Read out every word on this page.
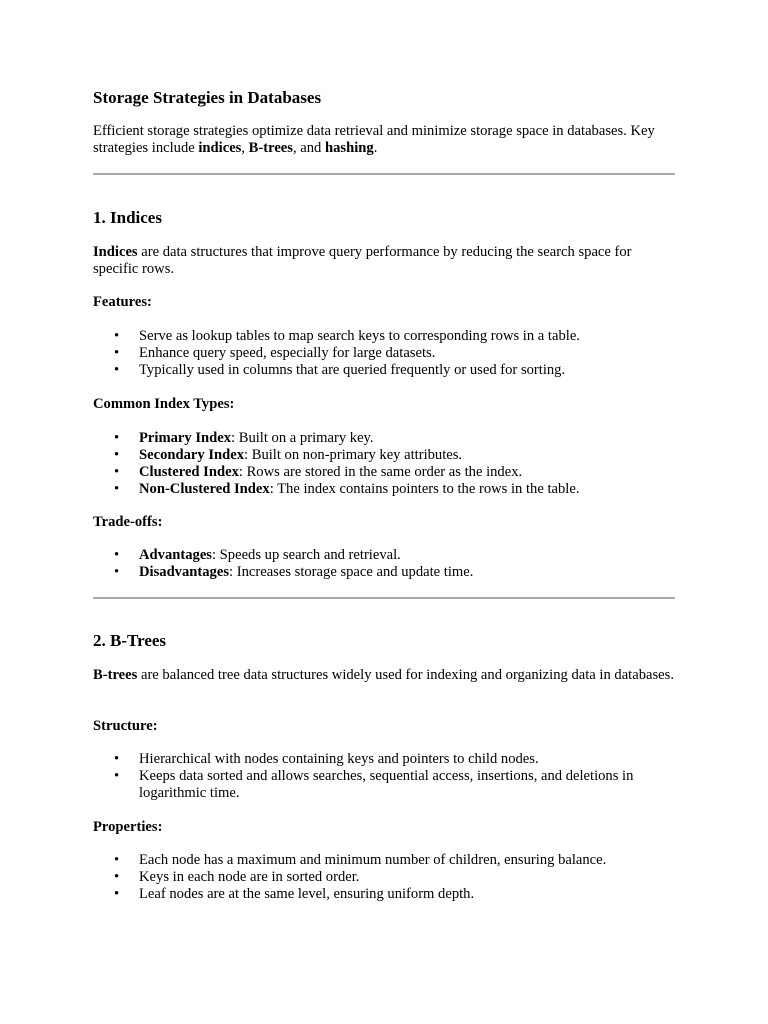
Storage Strategies in Databases

Efficient storage strategies optimize data retrieval and minimize storage space in databases. Key strategies include indices, B-trees, and hashing.

1. Indices

Indices are data structures that improve query performance by reducing the search space for specific rows.

Features:

• Serve as lookup tables to map search keys to corresponding rows in a table.
• Enhance query speed, especially for large datasets.
• Typically used in columns that are queried frequently or used for sorting.

Common Index Types:

• Primary Index: Built on a primary key.
• Secondary Index: Built on non-primary key attributes.
• Clustered Index: Rows are stored in the same order as the index.
• Non-Clustered Index: The index contains pointers to the rows in the table.

Trade-offs:

• Advantages: Speeds up search and retrieval.
• Disadvantages: Increases storage space and update time.
2. B-Trees

B-trees are balanced tree data structures widely used for indexing and organizing data in databases.

Structure:

• Hierarchical with nodes containing keys and pointers to child nodes.
• Keeps data sorted and allows searches, sequential access, insertions, and deletions in logarithmic time.

Properties:

• Each node has a maximum and minimum number of children, ensuring balance.
• Keys in each node are in sorted order.
• Leaf nodes are at the same level, ensuring uniform depth.
